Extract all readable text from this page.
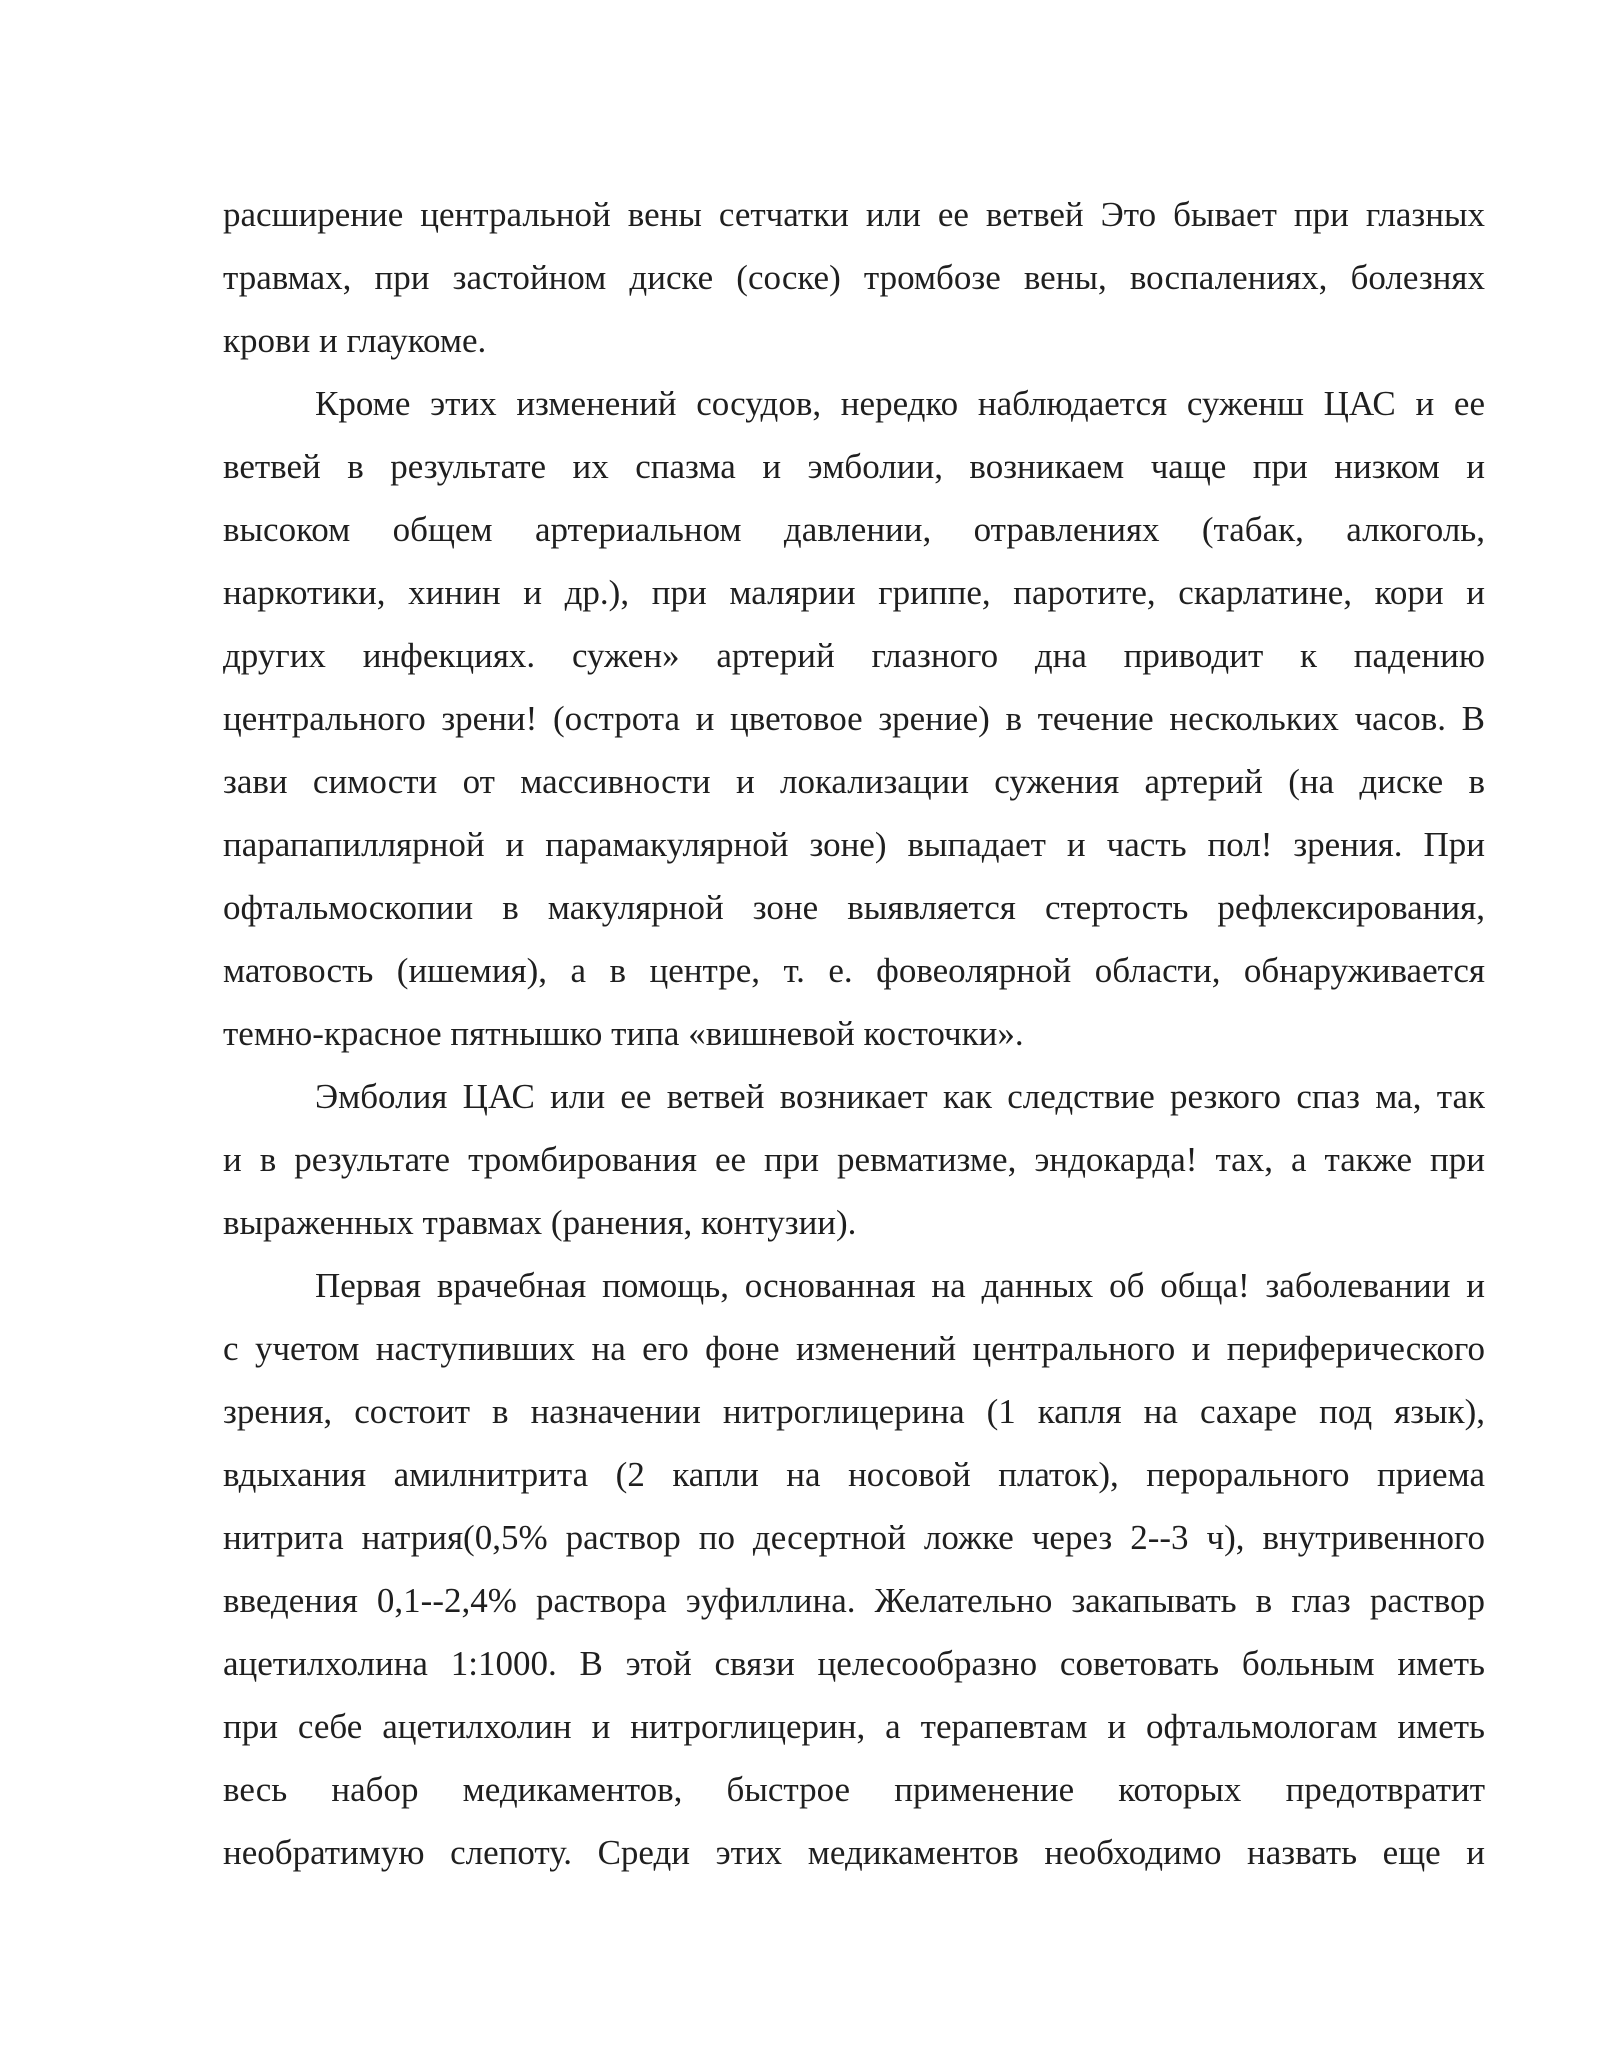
расширение центральной вены сетчатки или ее ветвей Это бывает при глазных
травмах, при застойном диске (соске) тромбозе вены, воспалениях, болезнях
крови и глаукоме.
Кроме этих изменений сосудов, нередко наблюдается суженш ЦАС и ее
ветвей в результате их спазма и эмболии, возникаем чаще при низком и
высоком общем артериальном давлении, отравлениях (табак, алкоголь,
наркотики, хинин и др.), при малярии гриппе, паротите, скарлатине, кори и
других инфекциях. сужен» артерий глазного дна приводит к падению
центрального зрени! (острота и цветовое зрение) в течение нескольких часов. В
зави симости от массивности и локализации сужения артерий (на диске в
парапапиллярной и парамакулярной зоне) выпадает и часть пол! зрения. При
офтальмоскопии в макулярной зоне выявляется стертость рефлексирования,
матовость (ишемия), а в центре, т. е. фовеолярной области, обнаруживается
темно-красное пятнышко типа «вишневой косточки».
Эмболия ЦАС или ее ветвей возникает как следствие резкого спаз ма, так
и в результате тромбирования ее при ревматизме, эндокарда! тах, а также при
выраженных травмах (ранения, контузии).
Первая врачебная помощь, основанная на данных об обща! заболевании и
с учетом наступивших на его фоне изменений центрального и периферического
зрения, состоит в назначении нитроглицерина (1 капля на сахаре под язык),
вдыхания амилнитрита (2 капли на носовой платок), перорального приема
нитрита натрия(0,5% раствор по десертной ложке через 2--3 ч), внутривенного
введения 0,1--2,4% раствора эуфиллина. Желательно закапывать в глаз раствор
ацетилхолина 1:1000. В этой связи целесообразно советовать больным иметь
при себе ацетилхолин и нитроглицерин, а терапевтам и офтальмологам иметь
весь набор медикаментов, быстрое применение которых предотвратит
необратимую слепоту. Среди этих медикаментов необходимо назвать еще и
